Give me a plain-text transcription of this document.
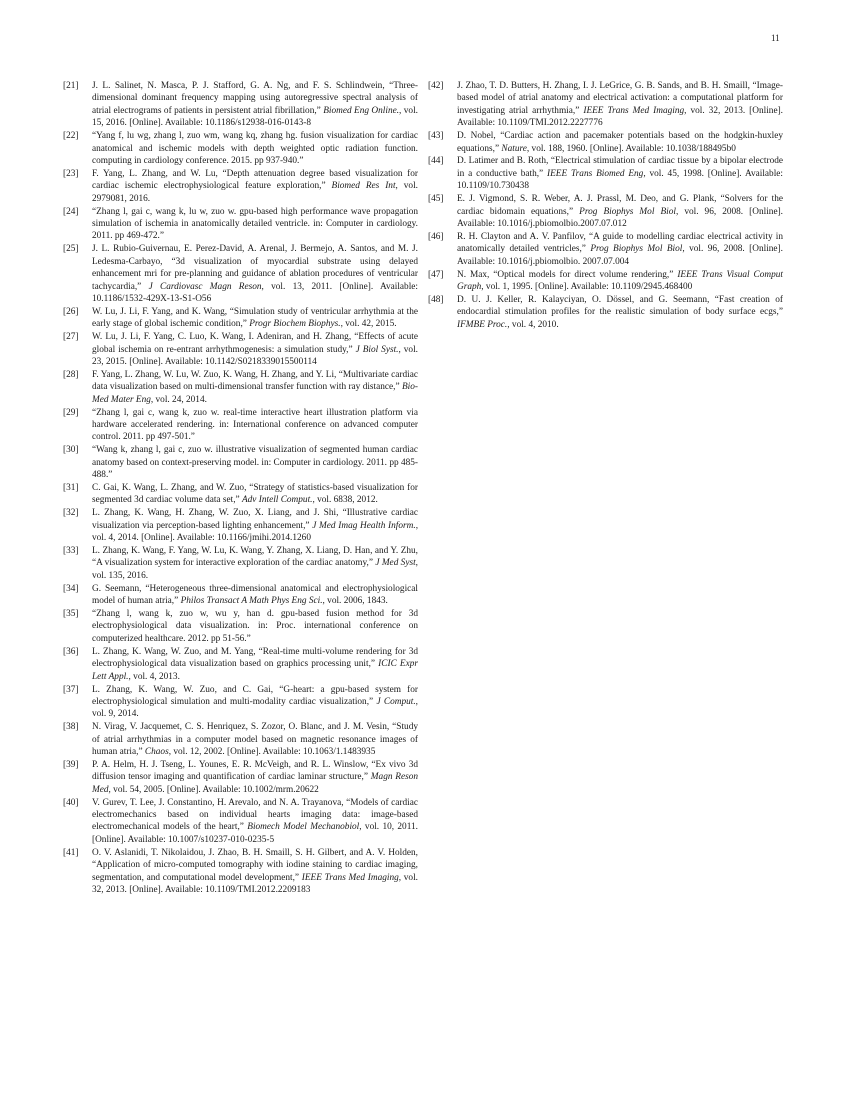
11
[21] J. L. Salinet, N. Masca, P. J. Stafford, G. A. Ng, and F. S. Schlindwein, “Three-dimensional dominant frequency mapping using autoregressive spectral analysis of atrial electrograms of patients in persistent atrial fibrillation,” Biomed Eng Online., vol. 15, 2016. [Online]. Available: 10.1186/s12938-016-0143-8
[22] “Yang f, lu wg, zhang l, zuo wm, wang kq, zhang hg. fusion visualization for cardiac anatomical and ischemic models with depth weighted optic radiation function. computing in cardiology conference. 2015. pp 937-940.”
[23] F. Yang, L. Zhang, and W. Lu, “Depth attenuation degree based visualization for cardiac ischemic electrophysiological feature exploration,” Biomed Res Int, vol. 2979081, 2016.
[24] “Zhang l, gai c, wang k, lu w, zuo w. gpu-based high performance wave propagation simulation of ischemia in anatomically detailed ventricle. in: Computer in cardiology. 2011. pp 469-472.”
[25] J. L. Rubio-Guivernau, E. Perez-David, A. Arenal, J. Bermejo, A. Santos, and M. J. Ledesma-Carbayo, “3d visualization of myocardial substrate using delayed enhancement mri for pre-planning and guidance of ablation procedures of ventricular tachycardia,” J Cardiovasc Magn Reson, vol. 13, 2011. [Online]. Available: 10.1186/1532-429X-13-S1-O56
[26] W. Lu, J. Li, F. Yang, and K. Wang, “Simulation study of ventricular arrhythmia at the early stage of global ischemic condition,” Progr Biochem Biophys., vol. 42, 2015.
[27] W. Lu, J. Li, F. Yang, C. Luo, K. Wang, I. Adeniran, and H. Zhang, “Effects of acute global ischemia on re-entrant arrhythmogenesis: a simulation study,” J Biol Syst., vol. 23, 2015. [Online]. Available: 10.1142/S0218339015500114
[28] F. Yang, L. Zhang, W. Lu, W. Zuo, K. Wang, H. Zhang, and Y. Li, “Multivariate cardiac data visualization based on multi-dimensional transfer function with ray distance,” Bio-Med Mater Eng, vol. 24, 2014.
[29] “Zhang l, gai c, wang k, zuo w. real-time interactive heart illustration platform via hardware accelerated rendering. in: International conference on advanced computer control. 2011. pp 497-501.”
[30] “Wang k, zhang l, gai c, zuo w. illustrative visualization of segmented human cardiac anatomy based on context-preserving model. in: Computer in cardiology. 2011. pp 485-488.”
[31] C. Gai, K. Wang, L. Zhang, and W. Zuo, “Strategy of statistics-based visualization for segmented 3d cardiac volume data set,” Adv Intell Comput., vol. 6838, 2012.
[32] L. Zhang, K. Wang, H. Zhang, W. Zuo, X. Liang, and J. Shi, “Illustrative cardiac visualization via perception-based lighting enhancement,” J Med Imag Health Inform., vol. 4, 2014. [Online]. Available: 10.1166/jmihi.2014.1260
[33] L. Zhang, K. Wang, F. Yang, W. Lu, K. Wang, Y. Zhang, X. Liang, D. Han, and Y. Zhu, “A visualization system for interactive exploration of the cardiac anatomy,” J Med Syst, vol. 135, 2016.
[34] G. Seemann, “Heterogeneous three-dimensional anatomical and electrophysiological model of human atria,” Philos Transact A Math Phys Eng Sci., vol. 2006, 1843.
[35] “Zhang l, wang k, zuo w, wu y, han d. gpu-based fusion method for 3d electrophysiological data visualization. in: Proc. international conference on computerized healthcare. 2012. pp 51-56.”
[36] L. Zhang, K. Wang, W. Zuo, and M. Yang, “Real-time multi-volume rendering for 3d electrophysiological data visualization based on graphics processing unit,” ICIC Expr Lett Appl., vol. 4, 2013.
[37] L. Zhang, K. Wang, W. Zuo, and C. Gai, “G-heart: a gpu-based system for electrophysiological simulation and multi-modality cardiac visualization,” J Comput., vol. 9, 2014.
[38] N. Virag, V. Jacquemet, C. S. Henriquez, S. Zozor, O. Blanc, and J. M. Vesin, “Study of atrial arrhythmias in a computer model based on magnetic resonance images of human atria,” Chaos, vol. 12, 2002. [Online]. Available: 10.1063/1.1483935
[39] P. A. Helm, H. J. Tseng, L. Younes, E. R. McVeigh, and R. L. Winslow, “Ex vivo 3d diffusion tensor imaging and quantification of cardiac laminar structure,” Magn Reson Med, vol. 54, 2005. [Online]. Available: 10.1002/mrm.20622
[40] V. Gurev, T. Lee, J. Constantino, H. Arevalo, and N. A. Trayanova, “Models of cardiac electromechanics based on individual hearts imaging data: image-based electromechanical models of the heart,” Biomech Model Mechanobiol, vol. 10, 2011. [Online]. Available: 10.1007/s10237-010-0235-5
[41] O. V. Aslanidi, T. Nikolaidou, J. Zhao, B. H. Smaill, S. H. Gilbert, and A. V. Holden, “Application of micro-computed tomography with iodine staining to cardiac imaging, segmentation, and computational model development,” IEEE Trans Med Imaging, vol. 32, 2013. [Online]. Available: 10.1109/TMI.2012.2209183
[42] J. Zhao, T. D. Butters, H. Zhang, I. J. LeGrice, G. B. Sands, and B. H. Smaill, “Image-based model of atrial anatomy and electrical activation: a computational platform for investigating atrial arrhythmia,” IEEE Trans Med Imaging, vol. 32, 2013. [Online]. Available: 10.1109/TMI.2012.2227776
[43] D. Nobel, “Cardiac action and pacemaker potentials based on the hodgkin-huxley equations,” Nature, vol. 188, 1960. [Online]. Available: 10.1038/188495b0
[44] D. Latimer and B. Roth, “Electrical stimulation of cardiac tissue by a bipolar electrode in a conductive bath,” IEEE Trans Biomed Eng, vol. 45, 1998. [Online]. Available: 10.1109/10.730438
[45] E. J. Vigmond, S. R. Weber, A. J. Prassl, M. Deo, and G. Plank, “Solvers for the cardiac bidomain equations,” Prog Biophys Mol Biol, vol. 96, 2008. [Online]. Available: 10.1016/j.pbiomolbio.2007.07.012
[46] R. H. Clayton and A. V. Panfilov, “A guide to modelling cardiac electrical activity in anatomically detailed ventricles,” Prog Biophys Mol Biol, vol. 96, 2008. [Online]. Available: 10.1016/j.pbiomolbio. 2007.07.004
[47] N. Max, “Optical models for direct volume rendering,” IEEE Trans Visual Comput Graph, vol. 1, 1995. [Online]. Available: 10.1109/2945.468400
[48] D. U. J. Keller, R. Kalayciyan, O. Dössel, and G. Seemann, “Fast creation of endocardial stimulation profiles for the realistic simulation of body surface ecgs,” IFMBE Proc., vol. 4, 2010.
